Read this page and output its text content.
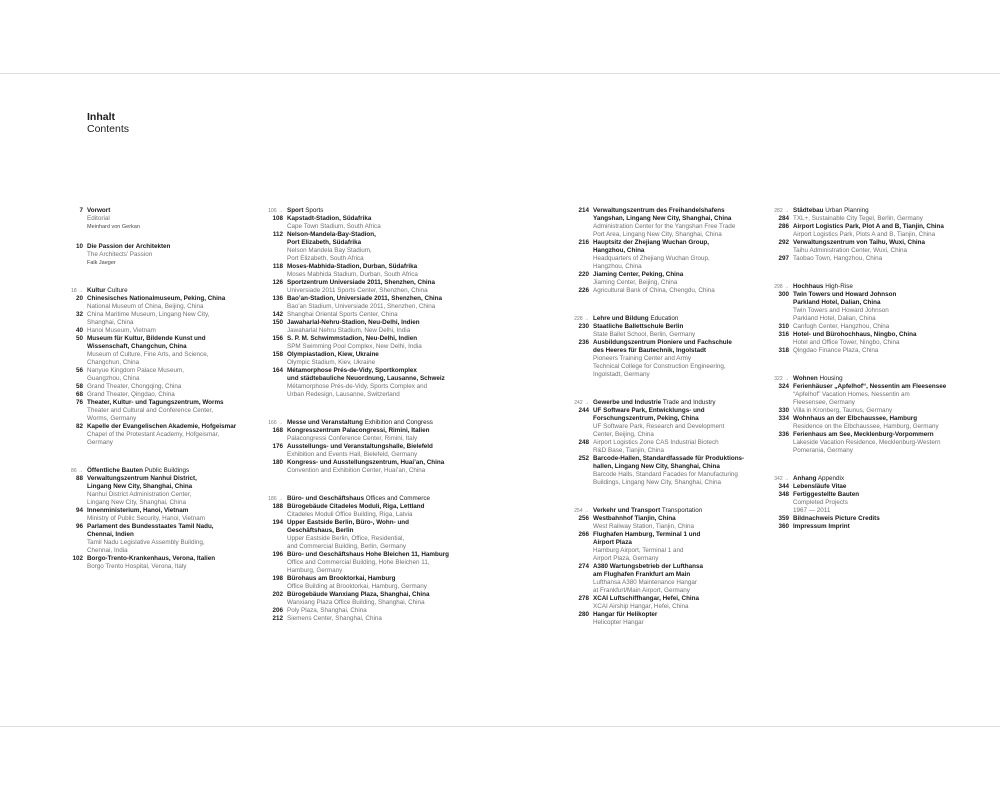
Inhalt
Contents
7 Vorwort
Editorial
Meinhard von Gerkan
10 Die Passion der Architekten
The Architects’ Passion
Falk Jaeger
18 → Kultur Culture
20 Chinesisches Nationalmuseum, Peking, China
National Museum of China, Beijing, China
32 China Maritime Museum, Lingang New City,
Shanghai, China
40 Hanoi Museum, Vietnam
50 Museum für Kultur, Bildende Kunst und
Wissenschaft, Changchun, China
Museum of Culture, Fine Arts, and Science,
Changchun, China
56 Nanyue Kingdom Palace Museum,
Guangzhou, China
58 Grand Theater, Chongqing, China
68 Grand Theater, Qingdao, China
76 Theater, Kultur- und Tagungszentrum, Worms
Theater and Cultural and Conference Center,
Worms, Germany
82 Kapelle der Evangelischen Akademie, Hofgeismar
Chapel of the Protestant Academy, Hofgeismar,
Germany
86 → Öffentliche Bauten Public Buildings
88 Verwaltungszentrum Nanhui District,
Lingang New City, Shanghai, China
Nanhui District Administration Center,
Lingang New City, Shanghai, China
94 Innenministerium, Hanoi, Vietnam
Ministry of Public Security, Hanoi, Vietnam
96 Parlament des Bundesstaates Tamil Nadu,
Chennai, Indien
Tamil Nadu Legislative Assembly Building,
Chennai, India
102 Borgo-Trento-Krankenhaus, Verona, Italien
Borgo Trento Hospital, Verona, Italy
106 → Sport Sports
108 Kapstadt-Stadion, Südafrika
Cape Town Stadium, South Africa
112 Nelson-Mandela-Bay-Stadion,
Port Elizabeth, Südafrika
Nelson Mandela Bay Stadium,
Port Elizabeth, South Africa
118 Moses-Mabhida-Stadion, Durban, Südafrika
Moses Mabhida Stadium, Durban, South Africa
126 Sportzentrum Universiade 2011, Shenzhen, China
Universiade 2011 Sports Center, Shenzhen, China
136 Bao’an-Stadion, Universiade 2011, Shenzhen, China
Bao’an Stadium, Universiade 2011, Shenzhen, China
142 Shanghai Oriental Sports Center, China
150 Jawaharlal-Nehru-Stadion, Neu-Delhi, Indien
Jawaharlal Nehru Stadium, New Delhi, India
156 S. P. M. Schwimmstadion, Neu-Delhi, Indien
SPM Swimming Pool Complex, New Delhi, India
158 Olympiastadion, Kiew, Ukraine
Olympic Stadium, Kiev, Ukraine
164 Métamorphose Prés-de-Vidy, Sportkomplex
und städtebauliche Neuordnung, Lausanne, Schweiz
Métamorphose Prés-de-Vidy, Sports Complex and
Urban Redesign, Lausanne, Switzerland
166 → Messe und Veranstaltung Exhibition and Congress
168 Kongresszentrum Palacongressi, Rimini, Italien
Palacongressi Conference Center, Rimini, Italy
176 Ausstellungs- und Veranstaltungshalle, Bielefeld
Exhibition and Events Hall, Bielefeld, Germany
180 Kongress- und Ausstellungszentrum, Huai’an, China
Convention and Exhibition Center, Huai’an, China
186 → Büro- und Geschäftshaus Offices and Commerce
188 Bürogebäude Citadeles Moduli, Riga, Lettland
Citadeles Moduli Office Building, Riga, Latvia
194 Upper Eastside Berlin, Büro-, Wohn- und
Geschäftshaus, Berlin
Upper Eastside Berlin, Office, Residential,
and Commercial Building, Berlin, Germany
196 Büro- und Geschäftshaus Hohe Bleichen 11, Hamburg
Office and Commercial Building, Hohe Bleichen 11,
Hamburg, Germany
198 Bürohaus am Brooktorkai, Hamburg
Office Building at Brooktorkai, Hamburg, Germany
202 Bürogebäude Wanxiang Plaza, Shanghai, China
Wanxiang Plaza Office Building, Shanghai, China
206 Poly Plaza, Shanghai, China
212 Siemens Center, Shanghai, China
214 Verwaltungszentrum des Freihandelshafens
Yangshan, Lingang New City, Shanghai, China
Administration Center for the Yangshan Free Trade
Port Area, Lingang New City, Shanghai, China
216 Hauptsitz der Zhejiang Wuchan Group,
Hangzhou, China
Headquarters of Zhejiang Wuchan Group,
Hangzhou, China
220 Jiaming Center, Peking, China
Jiaming Center, Beijing, China
226 Agricultural Bank of China, Chengdu, China
228 → Lehre und Bildung Education
230 Staatliche Ballettschule Berlin
State Ballet School, Berlin, Germany
236 Ausbildungszentrum Pioniere und Fachschule
des Heeres für Bautechnik, Ingolstadt
Pioneers Training Center and Army
Technical College for Construction Engineering,
Ingolstadt, Germany
242 → Gewerbe und Industrie Trade and Industry
244 UF Software Park, Entwicklungs- und
Forschungszentrum, Peking, China
UF Software Park, Research and Development
Center, Beijing, China
248 Airport Logistics Zone CAS Industrial Biotech
R&D Base, Tianjin, China
252 Barcode-Hallen, Standardfassade für Produktions-
hallen, Lingang New City, Shanghai, China
Barcode Halls, Standard Facades for Manufacturing
Buildings, Lingang New City, Shanghai, China
254 → Verkehr und Transport Transportation
256 Westbahnhof Tianjin, China
West Railway Station, Tianjin, China
266 Flughafen Hamburg, Terminal 1 und
Airport Plaza
Hamburg Airport, Terminal 1 and
Airport Plaza, Germany
274 A380 Wartungsbetrieb der Lufthansa
am Flughafen Frankfurt am Main
Lufthansa A380 Maintenance Hangar
at Frankfurt/Main Airport, Germany
278 XCAI Luftschiffhangar, Hefei, China
XCAI Airship Hangar, Hefei, China
280 Hangar für Helikopter
Helicopter Hangar
282 → Städtebau Urban Planning
284 TXL+, Sustainable City Tegel, Berlin, Germany
286 Airport Logistics Park, Plot A and B, Tianjin, China
Airport Logistics Park, Plots A and B, Tianjin, China
292 Verwaltungszentrum von Taihu, Wuxi, China
Taihu Administration Center, Wuxi, China
297 Taobao Town, Hangzhou, China
298 → Hochhaus High-Rise
300 Twin Towers und Howard Johnson
Parkland Hotel, Dalian, China
Twin Towers and Howard Johnson
Parkland Hotel, Dalian, China
310 Canfugh Center, Hangzhou, China
316 Hotel- und Bürohochhaus, Ningbo, China
Hotel and Office Tower, Ningbo, China
318 Qingdao Finance Plaza, China
322 → Wohnen Housing
324 Ferienhäuser „Apfelhof“, Nessentin am Fleesensee
“Apfelhof” Vacation Homes, Nessentin am
Fleesensee, Germany
330 Villa in Kronberg, Taunus, Germany
334 Wohnhaus an der Elbchaussee, Hamburg
Residence on the Elbchaussee, Hamburg, Germany
336 Ferienhaus am See, Mecklenburg-Vorpommern
Lakeside Vacation Residence, Mecklenburg-Western
Pomerania, Germany
342 → Anhang Appendix
344 Lebensläufe Vitae
348 Fertiggestellte Bauten
Completed Projects
1967 — 2011
359 Bildnachweis Picture Credits
360 Impressum Imprint
